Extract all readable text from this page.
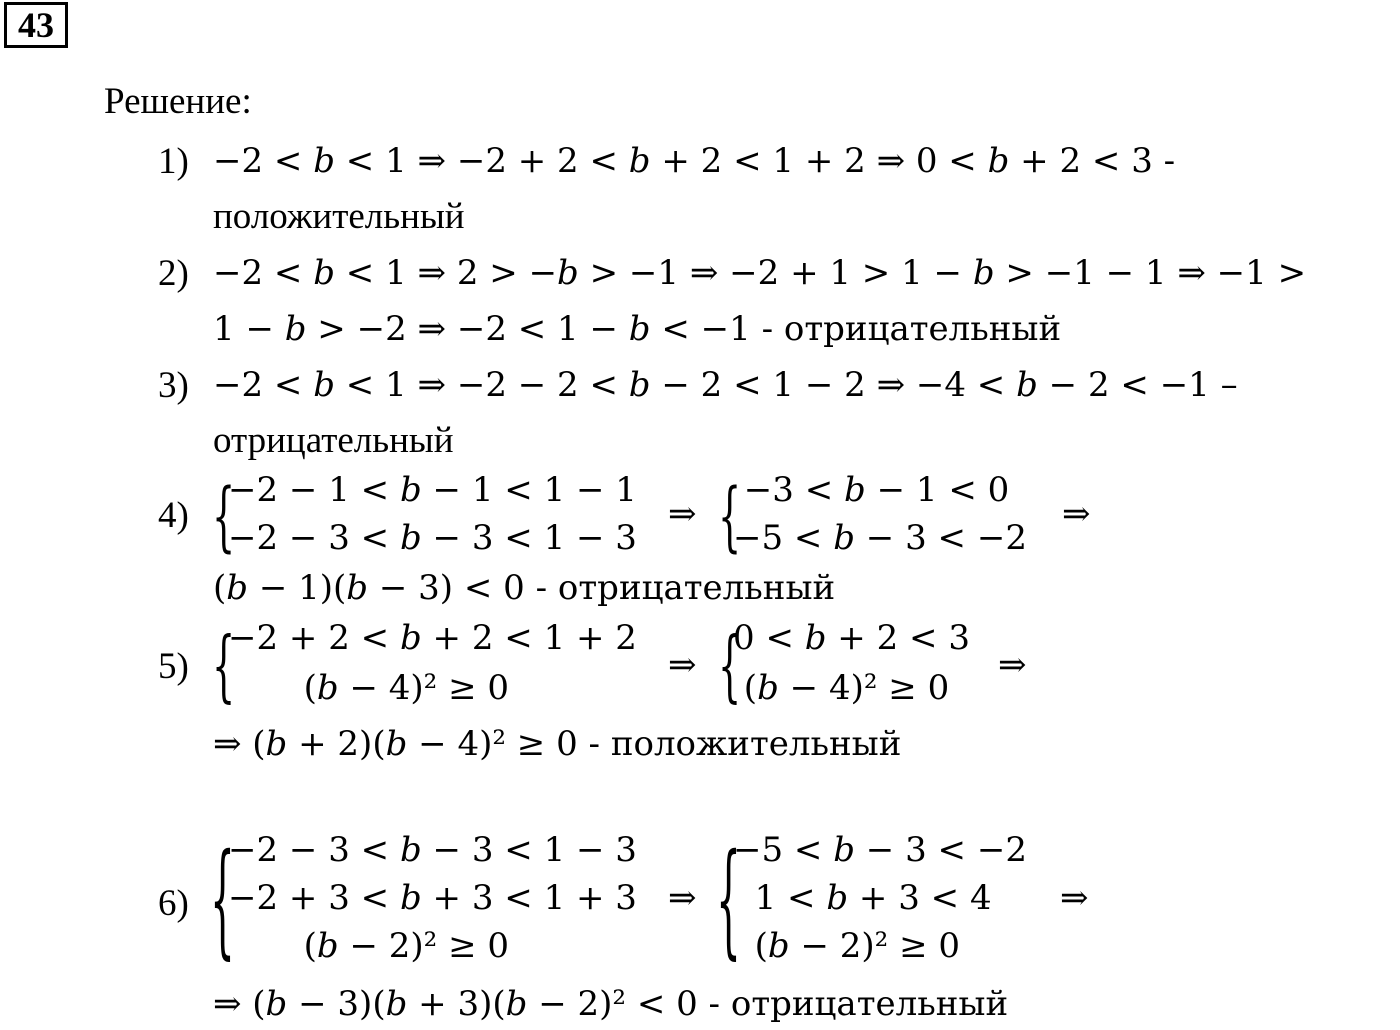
43
Решение:
1) −2 < 𝑏 < 1 ⇒ −2 + 2 < 𝑏 + 2 < 1 + 2 ⇒ 0 < 𝑏 + 2 < 3 -
положительный
2) −2 < 𝑏 < 1 ⇒ 2 > −𝑏 > −1 ⇒ −2 + 1 > 1 − 𝑏 > −1 − 1 ⇒ −1 >
1 − 𝑏 > −2 ⇒ −2 < 1 − 𝑏 < −1 - отрицательный
3) −2 < 𝑏 < 1 ⇒ −2 − 2 < 𝑏 − 2 < 1 − 2 ⇒ −4 < 𝑏 − 2 < −1 –
отрицательный
4) {
−2 − 1 < 𝑏 − 1 < 1 − 1
−2 − 3 < 𝑏 − 3 < 1 − 3
⇒ {
−3 < 𝑏 − 1 < 0
−5 < 𝑏 − 3 < −2
⇒
(𝑏 − 1)(𝑏 − 3) < 0 - отрицательный
5) {
−2 + 2 < 𝑏 + 2 < 1 + 2
(𝑏 − 4)² ≥ 0
⇒ {
0 < 𝑏 + 2 < 3
(𝑏 − 4)² ≥ 0
⇒
⇒ (𝑏 + 2)(𝑏 − 4)² ≥ 0 - положительный
6) {
−2 − 3 < 𝑏 − 3 < 1 − 3
−2 + 3 < 𝑏 + 3 < 1 + 3
(𝑏 − 2)² ≥ 0
⇒ {
−5 < 𝑏 − 3 < −2
1 < 𝑏 + 3 < 4
(𝑏 − 2)² ≥ 0
⇒
⇒ (𝑏 − 3)(𝑏 + 3)(𝑏 − 2)² < 0 - отрицательный
